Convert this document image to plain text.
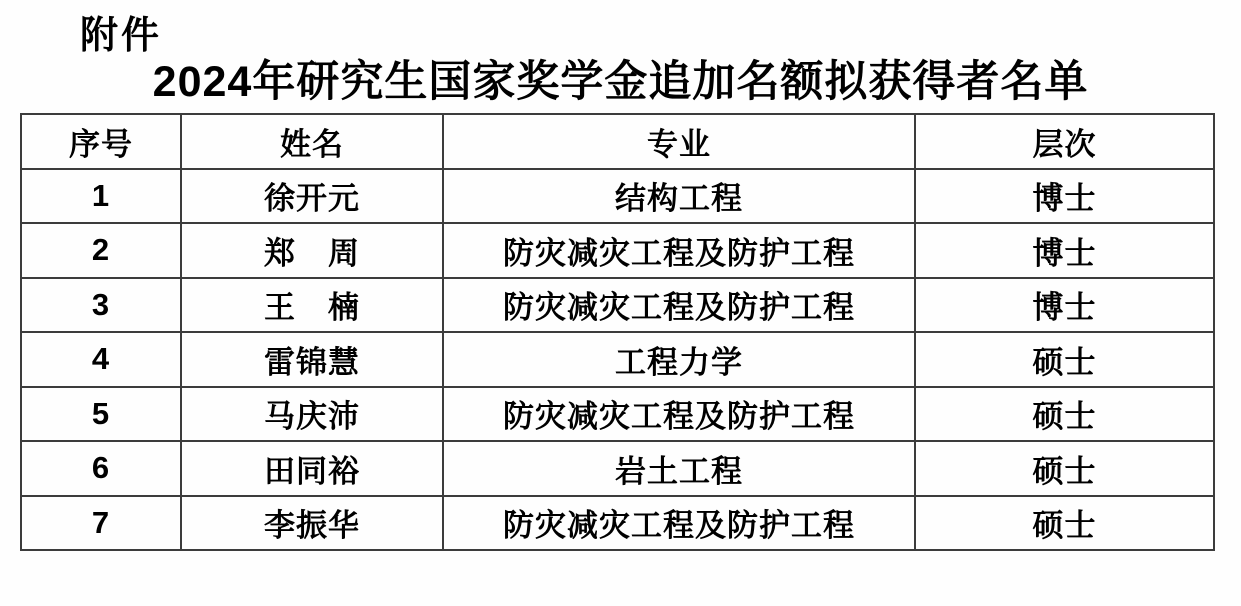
附件
2024年研究生国家奖学金追加名额拟获得者名单
序号	姓名	专业	层次
1	徐开元	结构工程	博士
2	郑　周	防灾减灾工程及防护工程	博士
3	王　楠	防灾减灾工程及防护工程	博士
4	雷锦慧	工程力学	硕士
5	马庆沛	防灾减灾工程及防护工程	硕士
6	田同裕	岩土工程	硕士
7	李振华	防灾减灾工程及防护工程	硕士
